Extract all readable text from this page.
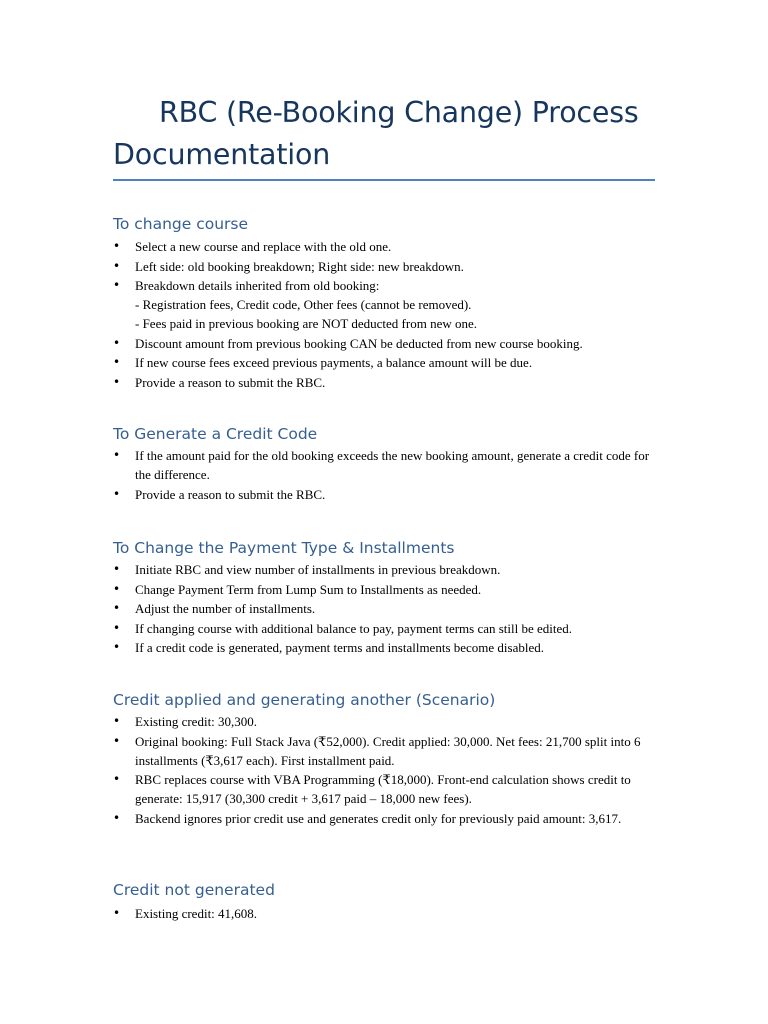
RBC (Re-Booking Change) Process Documentation
To change course
•	Select a new course and replace with the old one.
•	Left side: old booking breakdown; Right side: new breakdown.
•	Breakdown details inherited from old booking:
- Registration fees, Credit code, Other fees (cannot be removed).
- Fees paid in previous booking are NOT deducted from new one.
•	Discount amount from previous booking CAN be deducted from new course booking.
•	If new course fees exceed previous payments, a balance amount will be due.
•	Provide a reason to submit the RBC.
To Generate a Credit Code
•	If the amount paid for the old booking exceeds the new booking amount, generate a credit code for the difference.
•	Provide a reason to submit the RBC.
To Change the Payment Type & Installments
•	Initiate RBC and view number of installments in previous breakdown.
•	Change Payment Term from Lump Sum to Installments as needed.
•	Adjust the number of installments.
•	If changing course with additional balance to pay, payment terms can still be edited.
•	If a credit code is generated, payment terms and installments become disabled.
Credit applied and generating another (Scenario)
•	Existing credit: 30,300.
•	Original booking: Full Stack Java (₹52,000). Credit applied: 30,000. Net fees: 21,700 split into 6 installments (₹3,617 each). First installment paid.
•	RBC replaces course with VBA Programming (₹18,000). Front-end calculation shows credit to generate: 15,917 (30,300 credit + 3,617 paid – 18,000 new fees).
•	Backend ignores prior credit use and generates credit only for previously paid amount: 3,617.
Credit not generated
•	Existing credit: 41,608.
